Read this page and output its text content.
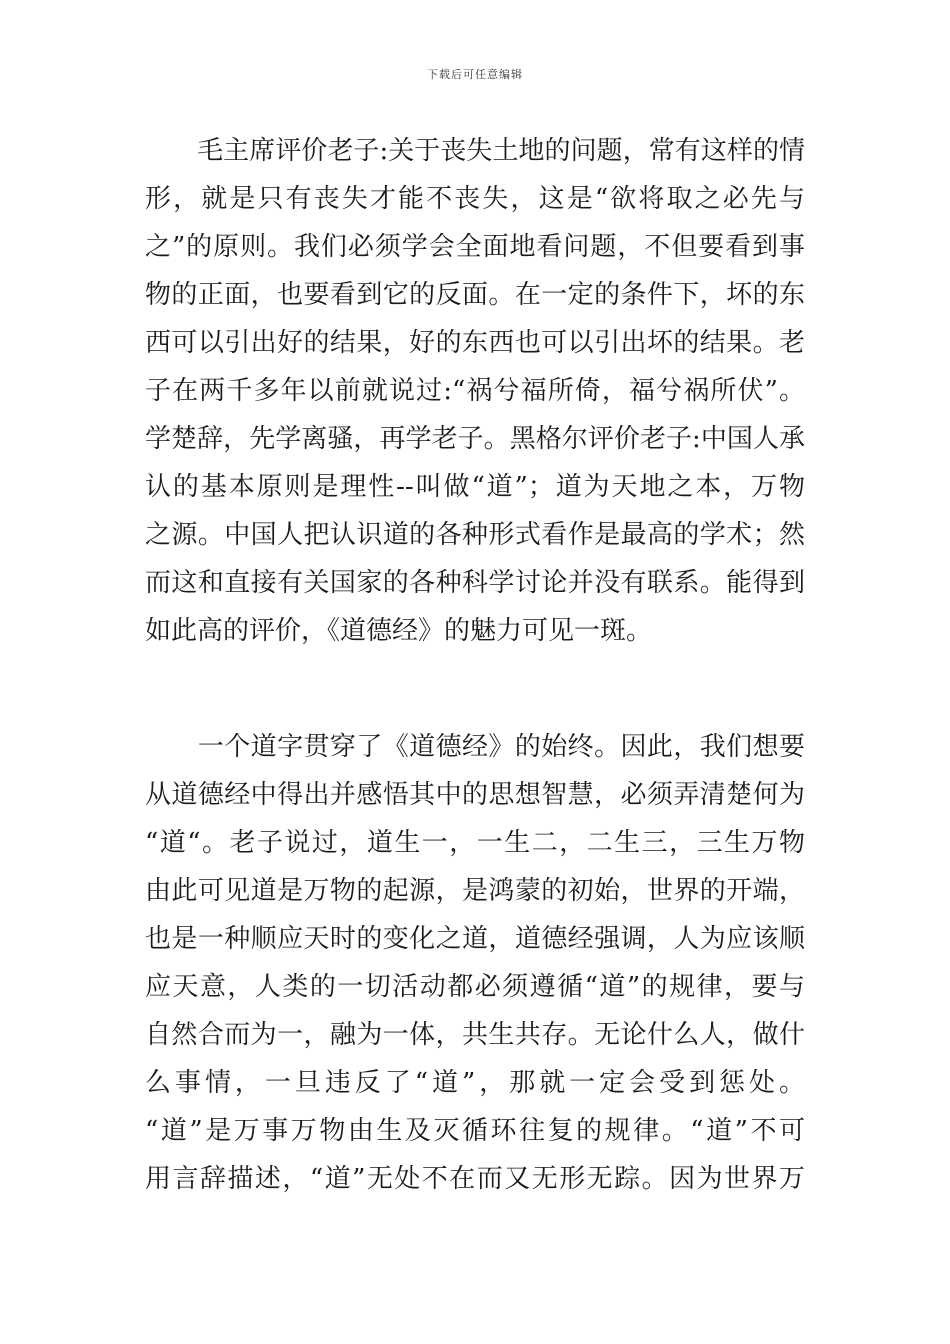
下载后可任意编辑
　　毛主席评价老子:关于丧失土地的问题，常有这样的情
形，就是只有丧失才能不丧失，这是“欲将取之必先与
之”的原则。我们必须学会全面地看问题，不但要看到事
物的正面，也要看到它的反面。在一定的条件下，坏的东
西可以引出好的结果，好的东西也可以引出坏的结果。老
子在两千多年以前就说过:“祸兮福所倚，福兮祸所伏”。
学楚辞，先学离骚，再学老子。黑格尔评价老子:中国人承
认的基本原则是理性--叫做“道”；道为天地之本，万物
之源。中国人把认识道的各种形式看作是最高的学术；然
而这和直接有关国家的各种科学讨论并没有联系。能得到
如此高的评价，《道德经》的魅力可见一斑。
　　一个道字贯穿了《道德经》的始终。因此，我们想要
从道德经中得出并感悟其中的思想智慧，必须弄清楚何为
“道“。老子说过，道生一，一生二，二生三，三生万物
由此可见道是万物的起源，是鸿蒙的初始，世界的开端，
也是一种顺应天时的变化之道，道德经强调，人为应该顺
应天意，人类的一切活动都必须遵循“道”的规律，要与
自然合而为一，融为一体，共生共存。无论什么人，做什
么事情，一旦违反了“道”，那就一定会受到惩处。
“道”是万事万物由生及灭循环往复的规律。“道”不可
用言辞描述，“道”无处不在而又无形无踪。因为世界万
